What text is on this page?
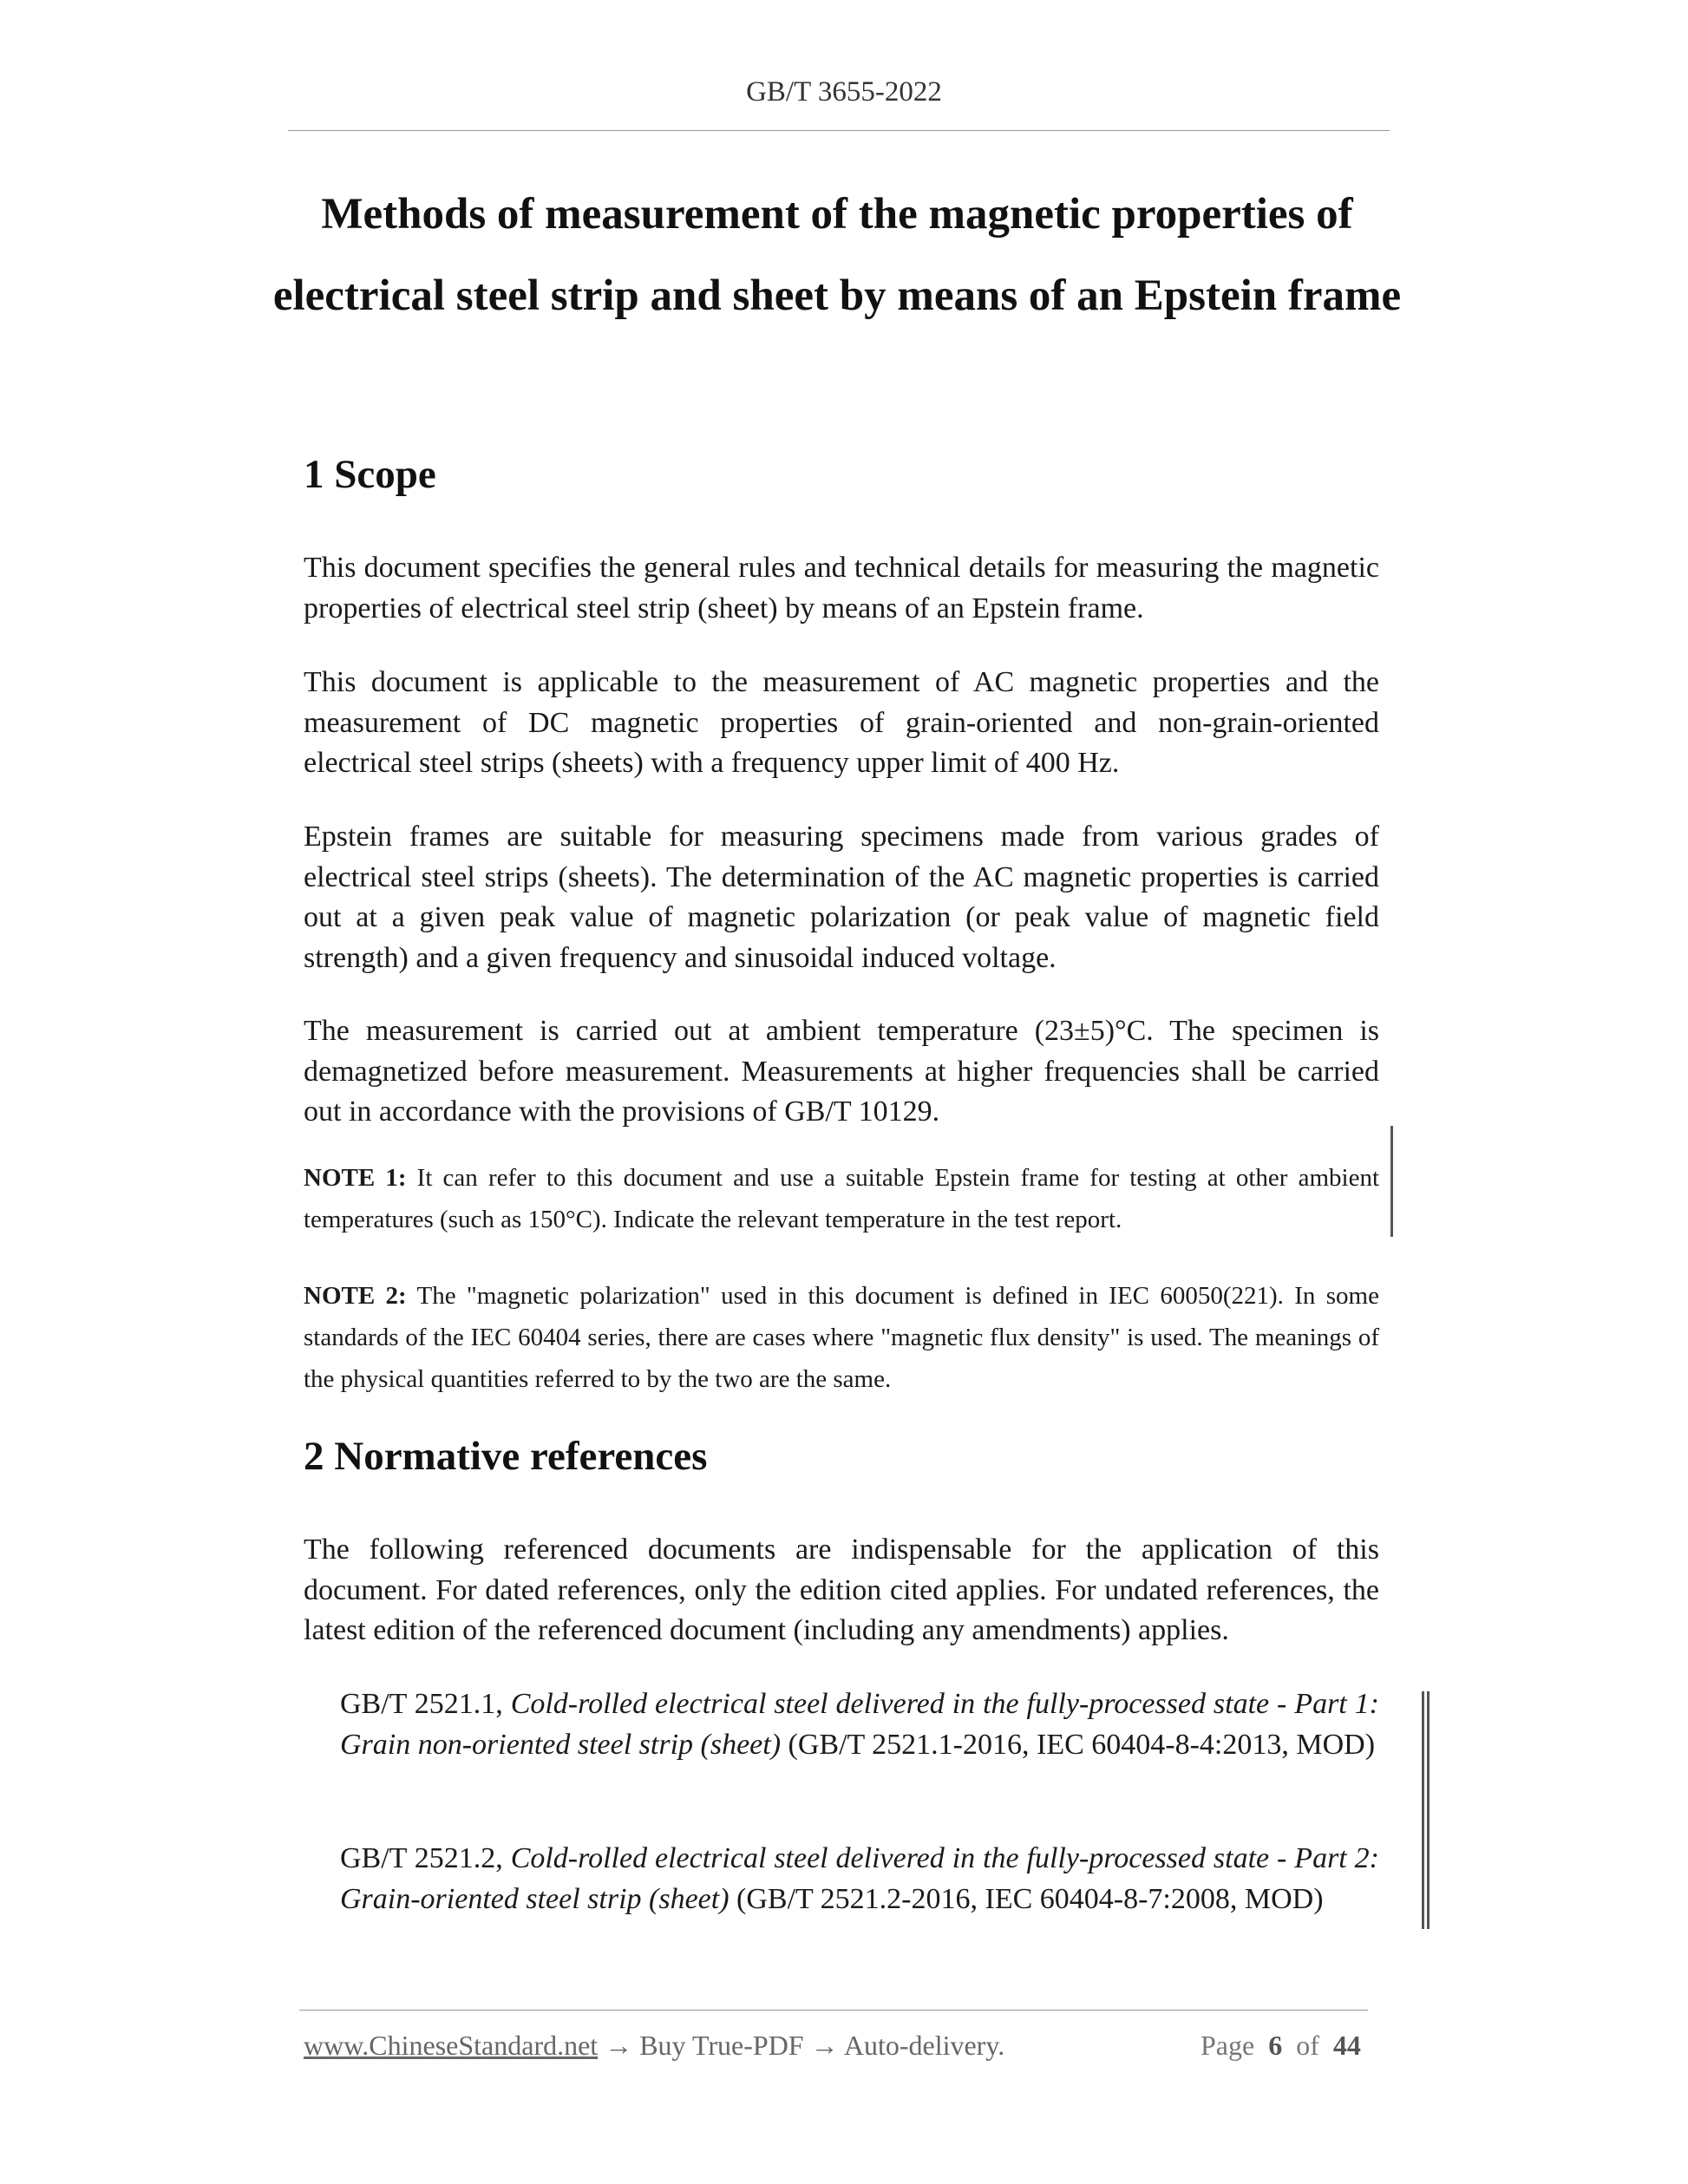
GB/T 3655-2022
Methods of measurement of the magnetic properties of
electrical steel strip and sheet by means of an Epstein frame
1 Scope

This document specifies the general rules and technical details for measuring the magnetic properties of electrical steel strip (sheet) by means of an Epstein frame.

This document is applicable to the measurement of AC magnetic properties and the measurement of DC magnetic properties of grain-oriented and non-grain-oriented electrical steel strips (sheets) with a frequency upper limit of 400 Hz.

Epstein frames are suitable for measuring specimens made from various grades of electrical steel strips (sheets). The determination of the AC magnetic properties is carried out at a given peak value of magnetic polarization (or peak value of magnetic field strength) and a given frequency and sinusoidal induced voltage.

The measurement is carried out at ambient temperature (23±5)°C. The specimen is demagnetized before measurement. Measurements at higher frequencies shall be carried out in accordance with the provisions of GB/T 10129.

NOTE 1: It can refer to this document and use a suitable Epstein frame for testing at other ambient temperatures (such as 150°C). Indicate the relevant temperature in the test report.

NOTE 2: The "magnetic polarization" used in this document is defined in IEC 60050(221). In some standards of the IEC 60404 series, there are cases where "magnetic flux density" is used. The meanings of the physical quantities referred to by the two are the same.

2 Normative references

The following referenced documents are indispensable for the application of this document. For dated references, only the edition cited applies. For undated references, the latest edition of the referenced document (including any amendments) applies.

GB/T 2521.1, Cold-rolled electrical steel delivered in the fully-processed state - Part 1: Grain non-oriented steel strip (sheet) (GB/T 2521.1-2016, IEC 60404-8-4:2013, MOD)

GB/T 2521.2, Cold-rolled electrical steel delivered in the fully-processed state - Part 2: Grain-oriented steel strip (sheet) (GB/T 2521.2-2016, IEC 60404-8-7:2008, MOD)

www.ChineseStandard.net → Buy True-PDF → Auto-delivery.	Page 6 of 44
